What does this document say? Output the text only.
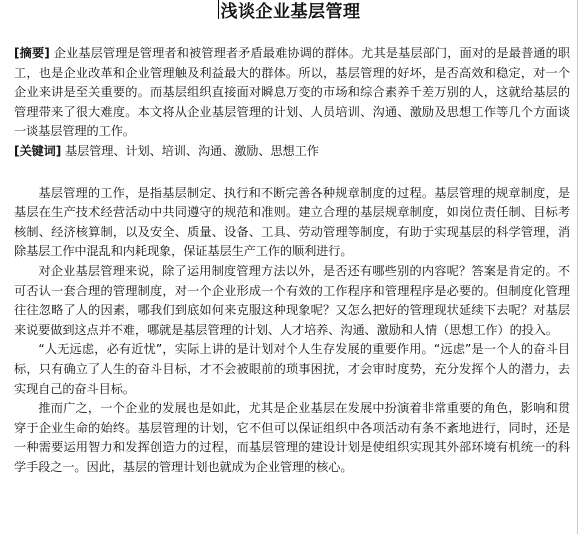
浅谈企业基层管理

[摘要] 企业基层管理是管理者和被管理者矛盾最难协调的群体。尤其是基层部门，面对的是最普通的职工，也是企业改革和企业管理触及利益最大的群体。所以，基层管理的好坏，是否高效和稳定，对一个企业来讲是至关重要的。而基层组织直接面对瞬息万变的市场和综合素养千差万别的人，这就给基层的管理带来了很大难度。本文将从企业基层管理的计划、人员培训、沟通、激励及思想工作等几个方面谈一谈基层管理的工作。

[关键词] 基层管理、计划、培训、沟通、激励、思想工作

基层管理的工作，是指基层制定、执行和不断完善各种规章制度的过程。基层管理的规章制度，是基层在生产技术经营活动中共同遵守的规范和准则。建立合理的基层规章制度，如岗位责任制、目标考核制、经济核算制，以及安全、质量、设备、工具、劳动管理等制度，有助于实现基层的科学管理，消除基层工作中混乱和内耗现象，保证基层生产工作的顺利进行。

对企业基层管理来说，除了运用制度管理方法以外，是否还有哪些别的内容呢？答案是肯定的。不可否认一套合理的管理制度，对一个企业形成一个有效的工作程序和管理程序是必要的。但制度化管理往往忽略了人的因素，哪我们到底如何来克服这种现象呢？又怎么把好的管理现状延续下去呢？对基层来说要做到这点并不难，哪就是基层管理的计划、人才培养、沟通、激励和人情（思想工作）的投入。

“人无远虑，必有近忧”，实际上讲的是计划对个人生存发展的重要作用。“远虑”是一个人的奋斗目标，只有确立了人生的奋斗目标，才不会被眼前的琐事困扰，才会审时度势，充分发挥个人的潜力，去实现自己的奋斗目标。

推而广之，一个企业的发展也是如此，尤其是企业基层在发展中扮演着非常重要的角色，影响和贯穿于企业生命的始终。基层管理的计划，它不但可以保证组织中各项活动有条不紊地进行，同时，还是一种需要运用智力和发挥创造力的过程，而基层管理的建设计划是使组织实现其外部环境有机统一的科学手段之一。因此，基层的管理计划也就成为企业管理的核心。
